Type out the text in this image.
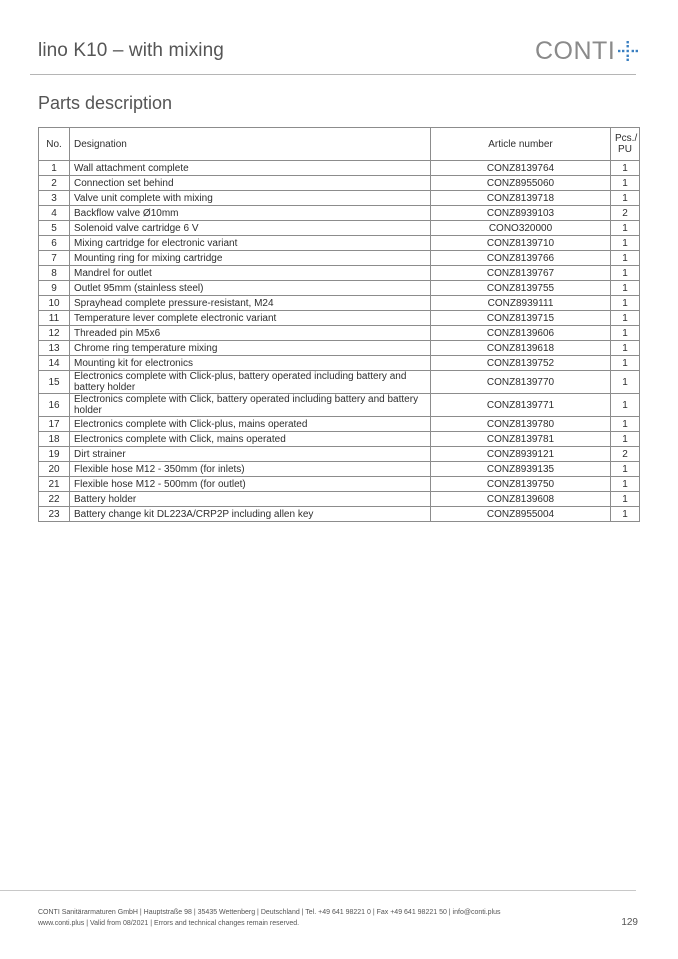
lino K10 – with mixing	CONTI
Parts description
No.	Designation	Article number	Pcs./
PU
1	Wall attachment complete	CONZ8139764	1
2	Connection set behind	CONZ8955060	1
3	Valve unit complete with mixing	CONZ8139718	1
4	Backflow valve Ø10mm	CONZ8939103	2
5	Solenoid valve cartridge 6 V	CONO320000	1
6	Mixing cartridge for electronic variant	CONZ8139710	1
7	Mounting ring for mixing cartridge	CONZ8139766	1
8	Mandrel for outlet	CONZ8139767	1
9	Outlet 95mm (stainless steel)	CONZ8139755	1
10	Sprayhead complete pressure-resistant, M24	CONZ8939111	1
11	Temperature lever complete electronic variant	CONZ8139715	1
12	Threaded pin M5x6	CONZ8139606	1
13	Chrome ring temperature mixing	CONZ8139618	1
14	Mounting kit for electronics	CONZ8139752	1
15	Electronics complete with Click-plus, battery operated including battery and battery holder	CONZ8139770	1
16	Electronics complete with Click, battery operated including battery and battery holder	CONZ8139771	1
17	Electronics complete with Click-plus, mains operated	CONZ8139780	1
18	Electronics complete with Click, mains operated	CONZ8139781	1
19	Dirt strainer	CONZ8939121	2
20	Flexible hose M12 - 350mm (for inlets)	CONZ8939135	1
21	Flexible hose M12 - 500mm (for outlet)	CONZ8139750	1
22	Battery holder	CONZ8139608	1
23	Battery change kit DL223A/CRP2P including allen key	CONZ8955004	1
CONTI Sanitärarmaturen GmbH | Hauptstraße 98 | 35435 Wettenberg | Deutschland | Tel. +49 641 98221 0 | Fax +49 641 98221 50 | info@conti.plus
www.conti.plus | Valid from 08/2021 | Errors and technical changes remain reserved.	129
